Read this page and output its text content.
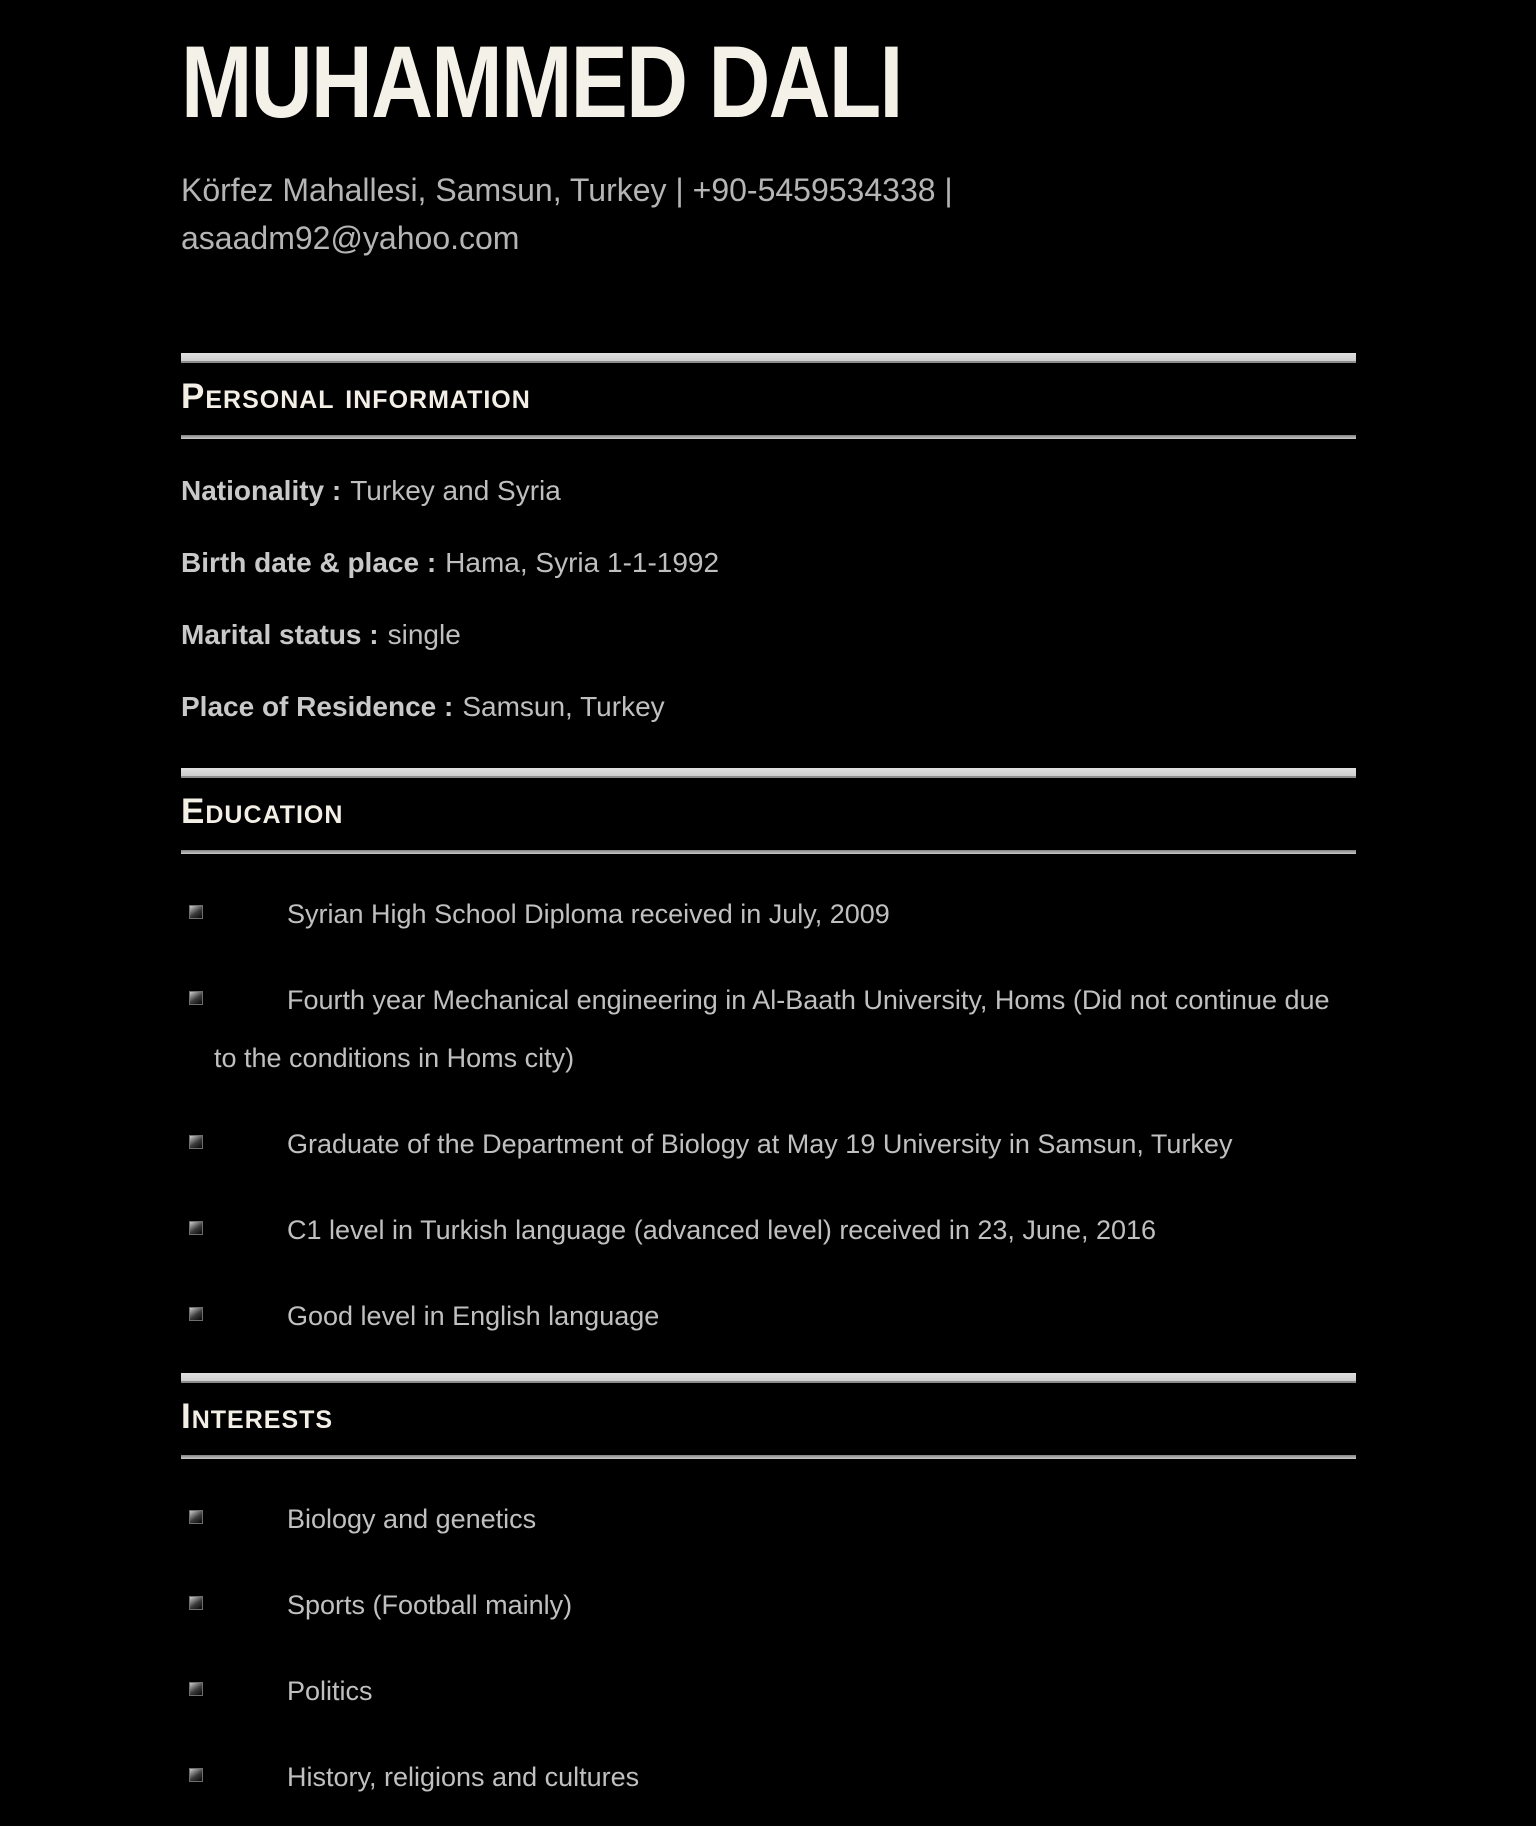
MUHAMMED DALI
Körfez Mahallesi, Samsun, Turkey | +90-5459534338 |
asaadm92@yahoo.com
Personal information

Nationality : Turkey and Syria

Birth date & place : Hama, Syria 1-1-1992

Marital status : single

Place of Residence : Samsun, Turkey

Education
Syrian High School Diploma received in July, 2009
Fourth year Mechanical engineering in Al-Baath University, Homs (Did not continue due to the conditions in Homs city)
Graduate of the Department of Biology at May 19 University in Samsun, Turkey
C1 level in Turkish language (advanced level) received in 23, June, 2016
Good level in English language
Interests
Biology and genetics
Sports (Football mainly)
Politics
History, religions and cultures
